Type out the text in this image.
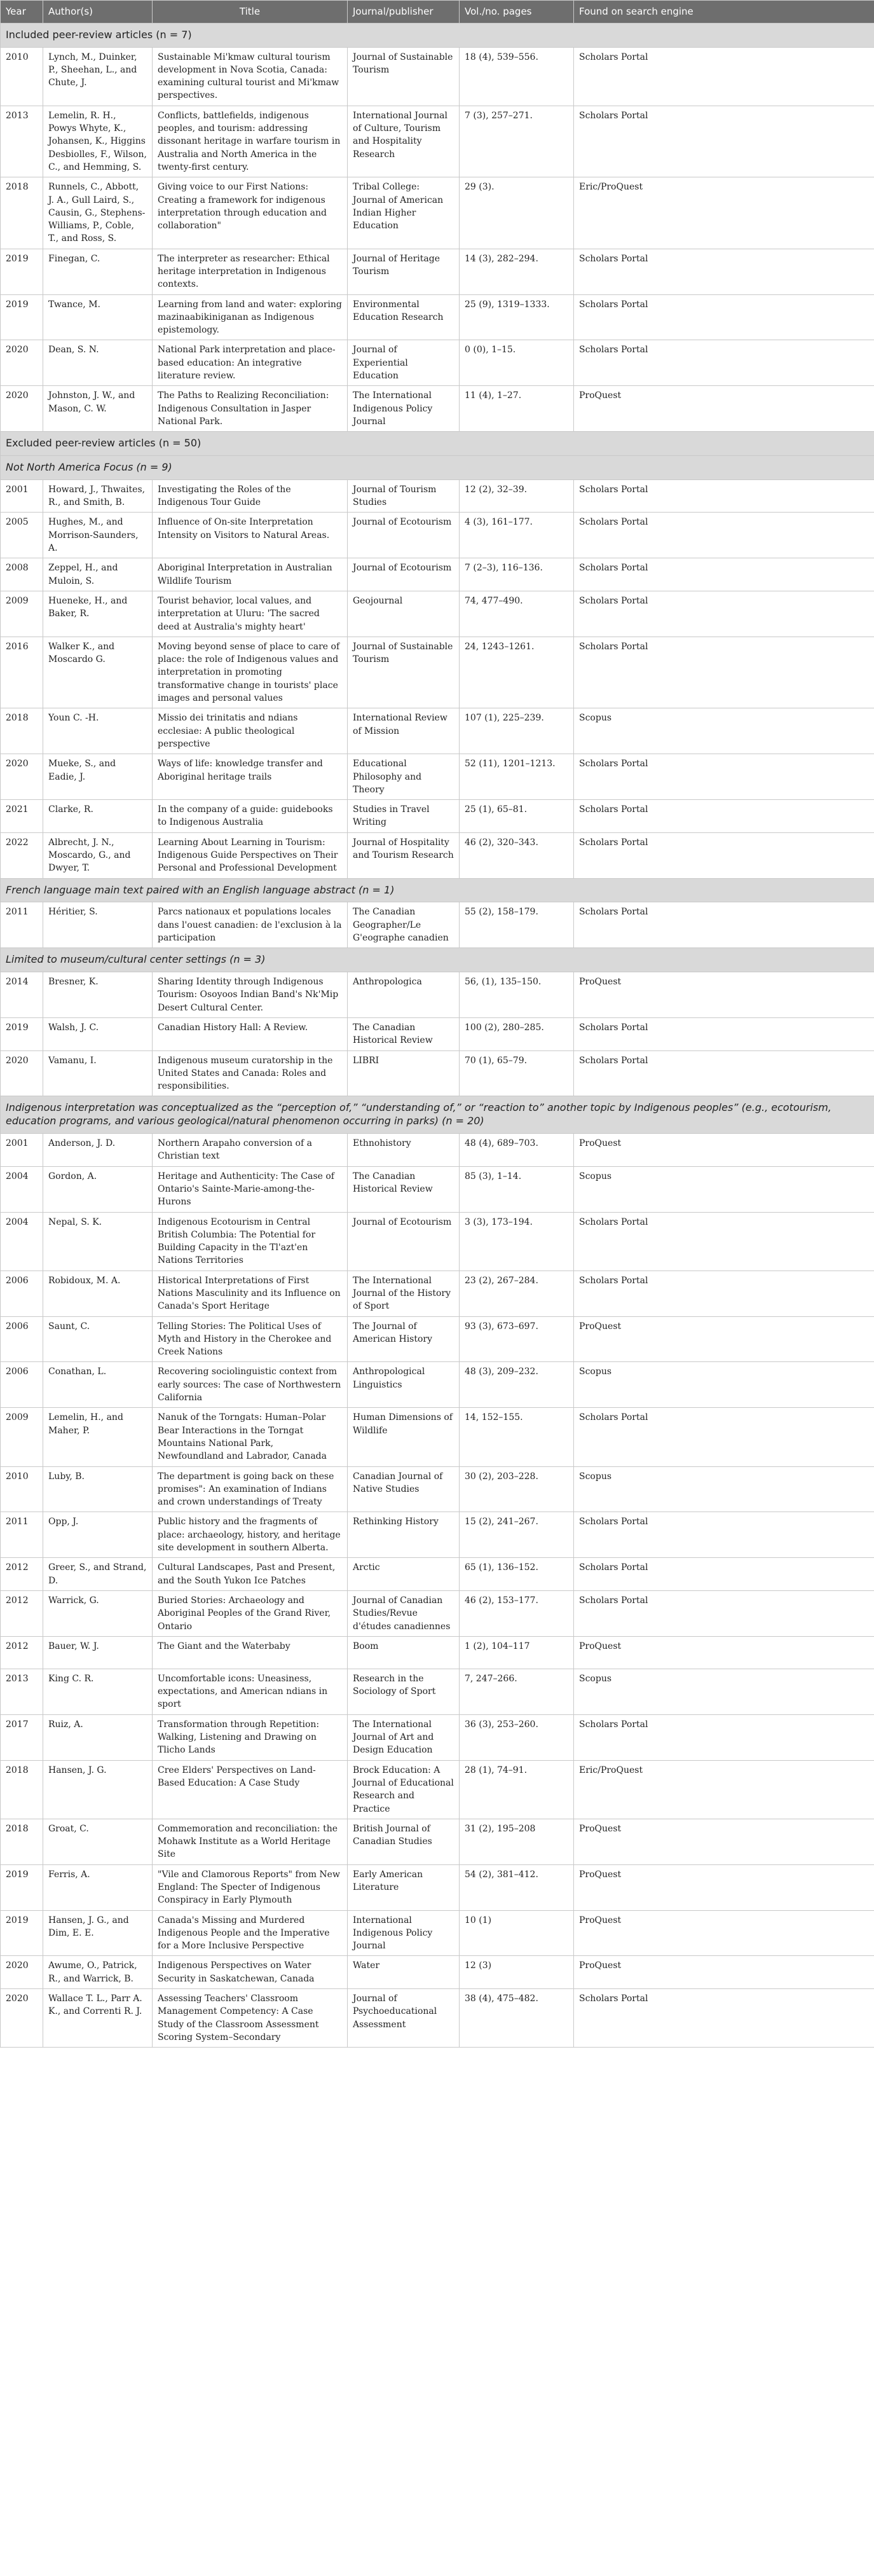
Year	Author(s)	Title	Journal/publisher	Vol./no. pages	Found on search engine
Included peer-review articles (n = 7)					
2010	Lynch, M., Duinker, P., Sheehan, L., and Chute, J.	Sustainable Mi'kmaw cultural tourism development in Nova Scotia, Canada: examining cultural tourist and Mi'kmaw perspectives.	Journal of Sustainable Tourism	18 (4), 539–556.	Scholars Portal
2013	Lemelin, R. H., Powys Whyte, K., Johansen, K., Higgins Desbiolles, F., Wilson, C., and Hemming, S.	Conflicts, battlefields, indigenous peoples, and tourism: addressing dissonant heritage in warfare tourism in Australia and North America in the twenty-first century.	International Journal of Culture, Tourism and Hospitality Research	7 (3), 257–271.	Scholars Portal
2018	Runnels, C., Abbott, J. A., Gull Laird, S., Causin, G., Stephens-Williams, P., Coble, T., and Ross, S.	Giving voice to our First Nations: Creating a framework for indigenous interpretation through education and collaboration"	Tribal College: Journal of American Indian Higher Education	29 (3).	Eric/ProQuest
2019	Finegan, C.	The interpreter as researcher: Ethical heritage interpretation in Indigenous contexts.	Journal of Heritage Tourism	14 (3), 282–294.	Scholars Portal
2019	Twance, M.	Learning from land and water: exploring mazinaabikiniganan as Indigenous epistemology.	Environmental Education Research	25 (9), 1319–1333.	Scholars Portal
2020	Dean, S. N.	National Park interpretation and place-based education: An integrative literature review.	Journal of Experiential Education	0 (0), 1–15.	Scholars Portal
2020	Johnston, J. W., and Mason, C. W.	The Paths to Realizing Reconciliation: Indigenous Consultation in Jasper National Park.	The International Indigenous Policy Journal	11 (4), 1–27.	ProQuest
Excluded peer-review articles (n = 50)					
Not North America Focus (n = 9)					
2001	Howard, J., Thwaites, R., and Smith, B.	Investigating the Roles of the Indigenous Tour Guide	Journal of Tourism Studies	12 (2), 32–39.	Scholars Portal
2005	Hughes, M., and Morrison-Saunders, A.	Influence of On-site Interpretation Intensity on Visitors to Natural Areas.	Journal of Ecotourism	4 (3), 161–177.	Scholars Portal
2008	Zeppel, H., and Muloin, S.	Aboriginal Interpretation in Australian Wildlife Tourism	Journal of Ecotourism	7 (2–3), 116–136.	Scholars Portal
2009	Hueneke, H., and Baker, R.	Tourist behavior, local values, and interpretation at Uluru: 'The sacred deed at Australia's mighty heart'	Geojournal	74, 477–490.	Scholars Portal
2016	Walker K., and Moscardo G.	Moving beyond sense of place to care of place: the role of Indigenous values and interpretation in promoting transformative change in tourists' place images and personal values	Journal of Sustainable Tourism	24, 1243–1261.	Scholars Portal
2018	Youn C. -H.	Missio dei trinitatis and ndians ecclesiae: A public theological perspective	International Review of Mission	107 (1), 225–239.	Scopus
2020	Mueke, S., and Eadie, J.	Ways of life: knowledge transfer and Aboriginal heritage trails	Educational Philosophy and Theory	52 (11), 1201–1213.	Scholars Portal
2021	Clarke, R.	In the company of a guide: guidebooks to Indigenous Australia	Studies in Travel Writing	25 (1), 65–81.	Scholars Portal
2022	Albrecht, J. N., Moscardo, G., and Dwyer, T.	Learning About Learning in Tourism: Indigenous Guide Perspectives on Their Personal and Professional Development	Journal of Hospitality and Tourism Research	46 (2), 320–343.	Scholars Portal
French language main text paired with an English language abstract (n = 1)					
2011	Héritier, S.	Parcs nationaux et populations locales dans l'ouest canadien: de l'exclusion à la participation	The Canadian Geographer/Le G'eographe canadien	55 (2), 158–179.	Scholars Portal
Limited to museum/cultural center settings (n = 3)					
2014	Bresner, K.	Sharing Identity through Indigenous Tourism: Osoyoos Indian Band's Nk'Mip Desert Cultural Center.	Anthropologica	56, (1), 135–150.	ProQuest
2019	Walsh, J. C.	Canadian History Hall: A Review.	The Canadian Historical Review	100 (2), 280–285.	Scholars Portal
2020	Vamanu, I.	Indigenous museum curatorship in the United States and Canada: Roles and responsibilities.	LIBRI	70 (1), 65–79.	Scholars Portal
Indigenous interpretation was conceptualized as the “perception of,” “understanding of,” or “reaction to” another topic by Indigenous peoples” (e.g., ecotourism, education programs, and various geological/natural phenomenon occurring in parks) (n = 20)					
2001	Anderson, J. D.	Northern Arapaho conversion of a Christian text	Ethnohistory	48 (4), 689–703.	ProQuest
2004	Gordon, A.	Heritage and Authenticity: The Case of Ontario's Sainte-Marie-among-the-Hurons	The Canadian Historical Review	85 (3), 1–14.	Scopus
2004	Nepal, S. K.	Indigenous Ecotourism in Central British Columbia: The Potential for Building Capacity in the Tl'azt'en Nations Territories	Journal of Ecotourism	3 (3), 173–194.	Scholars Portal
2006	Robidoux, M. A.	Historical Interpretations of First Nations Masculinity and its Influence on Canada's Sport Heritage	The International Journal of the History of Sport	23 (2), 267–284.	Scholars Portal
2006	Saunt, C.	Telling Stories: The Political Uses of Myth and History in the Cherokee and Creek Nations	The Journal of American History	93 (3), 673–697.	ProQuest
2006	Conathan, L.	Recovering sociolinguistic context from early sources: The case of Northwestern California	Anthropological Linguistics	48 (3), 209–232.	Scopus
2009	Lemelin, H., and Maher, P.	Nanuk of the Torngats: Human–Polar Bear Interactions in the Torngat Mountains National Park, Newfoundland and Labrador, Canada	Human Dimensions of Wildlife	14, 152–155.	Scholars Portal
2010	Luby, B.	The department is going back on these promises": An examination of Indians and crown understandings of Treaty	Canadian Journal of Native Studies	30 (2), 203–228.	Scopus
2011	Opp, J.	Public history and the fragments of place: archaeology, history, and heritage site development in southern Alberta.	Rethinking History	15 (2), 241–267.	Scholars Portal
2012	Greer, S., and Strand, D.	Cultural Landscapes, Past and Present, and the South Yukon Ice Patches	Arctic	65 (1), 136–152.	Scholars Portal
2012	Warrick, G.	Buried Stories: Archaeology and Aboriginal Peoples of the Grand River, Ontario	Journal of Canadian Studies/Revue d'études canadiennes	46 (2), 153–177.	Scholars Portal
2012	Bauer, W. J.	The Giant and the Waterbaby	Boom	1 (2), 104–117	ProQuest
2013	King C. R.	Uncomfortable icons: Uneasiness, expectations, and American ndians in sport	Research in the Sociology of Sport	7, 247–266.	Scopus
2017	Ruiz, A.	Transformation through Repetition: Walking, Listening and Drawing on Tlicho Lands	The International Journal of Art and Design Education	36 (3), 253–260.	Scholars Portal
2018	Hansen, J. G.	Cree Elders' Perspectives on Land-Based Education: A Case Study	Brock Education: A Journal of Educational Research and Practice	28 (1), 74–91.	Eric/ProQuest
2018	Groat, C.	Commemoration and reconciliation: the Mohawk Institute as a World Heritage Site	British Journal of Canadian Studies	31 (2), 195–208	ProQuest
2019	Ferris, A.	"Vile and Clamorous Reports" from New England: The Specter of Indigenous Conspiracy in Early Plymouth	Early American Literature	54 (2), 381–412.	ProQuest
2019	Hansen, J. G., and Dim, E. E.	Canada's Missing and Murdered Indigenous People and the Imperative for a More Inclusive Perspective	International Indigenous Policy Journal	10 (1)	ProQuest
2020	Awume, O., Patrick, R., and Warrick, B.	Indigenous Perspectives on Water Security in Saskatchewan, Canada	Water	12 (3)	ProQuest
2020	Wallace T. L., Parr A. K., and Correnti R. J.	Assessing Teachers' Classroom Management Competency: A Case Study of the Classroom Assessment Scoring System–Secondary	Journal of Psychoeducational Assessment	38 (4), 475–482.	Scholars Portal
